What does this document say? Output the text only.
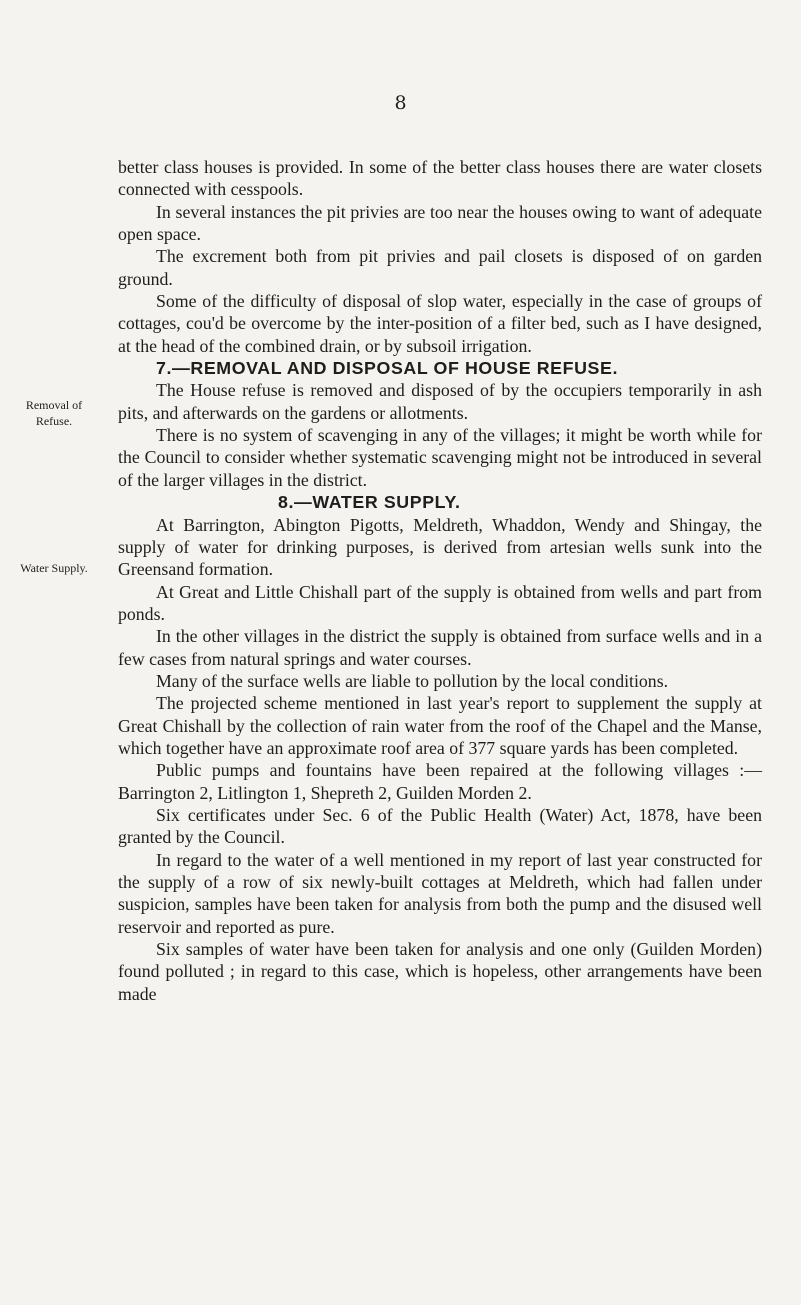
8
Removal of Refuse.
Water Supply.

better class houses is provided. In some of the better class houses there are water closets connected with cesspools.

In several instances the pit privies are too near the houses owing to want of adequate open space.

The excrement both from pit privies and pail closets is disposed of on garden ground.

Some of the difficulty of disposal of slop water, especially in the case of groups of cottages, cou'd be overcome by the inter-position of a filter bed, such as I have designed, at the head of the combined drain, or by subsoil irrigation.

7.—REMOVAL AND DISPOSAL OF HOUSE REFUSE.

The House refuse is removed and disposed of by the occupiers temporarily in ash pits, and afterwards on the gardens or allotments.

There is no system of scavenging in any of the villages; it might be worth while for the Council to consider whether systematic scavenging might not be introduced in several of the larger villages in the district.

8.—WATER SUPPLY.

At Barrington, Abington Pigotts, Meldreth, Whaddon, Wendy and Shingay, the supply of water for drinking purposes, is derived from artesian wells sunk into the Greensand formation.

At Great and Little Chishall part of the supply is obtained from wells and part from ponds.

In the other villages in the district the supply is obtained from surface wells and in a few cases from natural springs and water courses.

Many of the surface wells are liable to pollution by the local conditions.

The projected scheme mentioned in last year's report to supplement the supply at Great Chishall by the collection of rain water from the roof of the Chapel and the Manse, which together have an approximate roof area of 377 square yards has been completed.

Public pumps and fountains have been repaired at the following villages :—Barrington 2, Litlington 1, Shepreth 2, Guilden Morden 2.

Six certificates under Sec. 6 of the Public Health (Water) Act, 1878, have been granted by the Council.

In regard to the water of a well mentioned in my report of last year constructed for the supply of a row of six newly-built cottages at Meldreth, which had fallen under suspicion, samples have been taken for analysis from both the pump and the disused well reservoir and reported as pure.

Six samples of water have been taken for analysis and one only (Guilden Morden) found polluted ; in regard to this case, which is hopeless, other arrangements have been made
